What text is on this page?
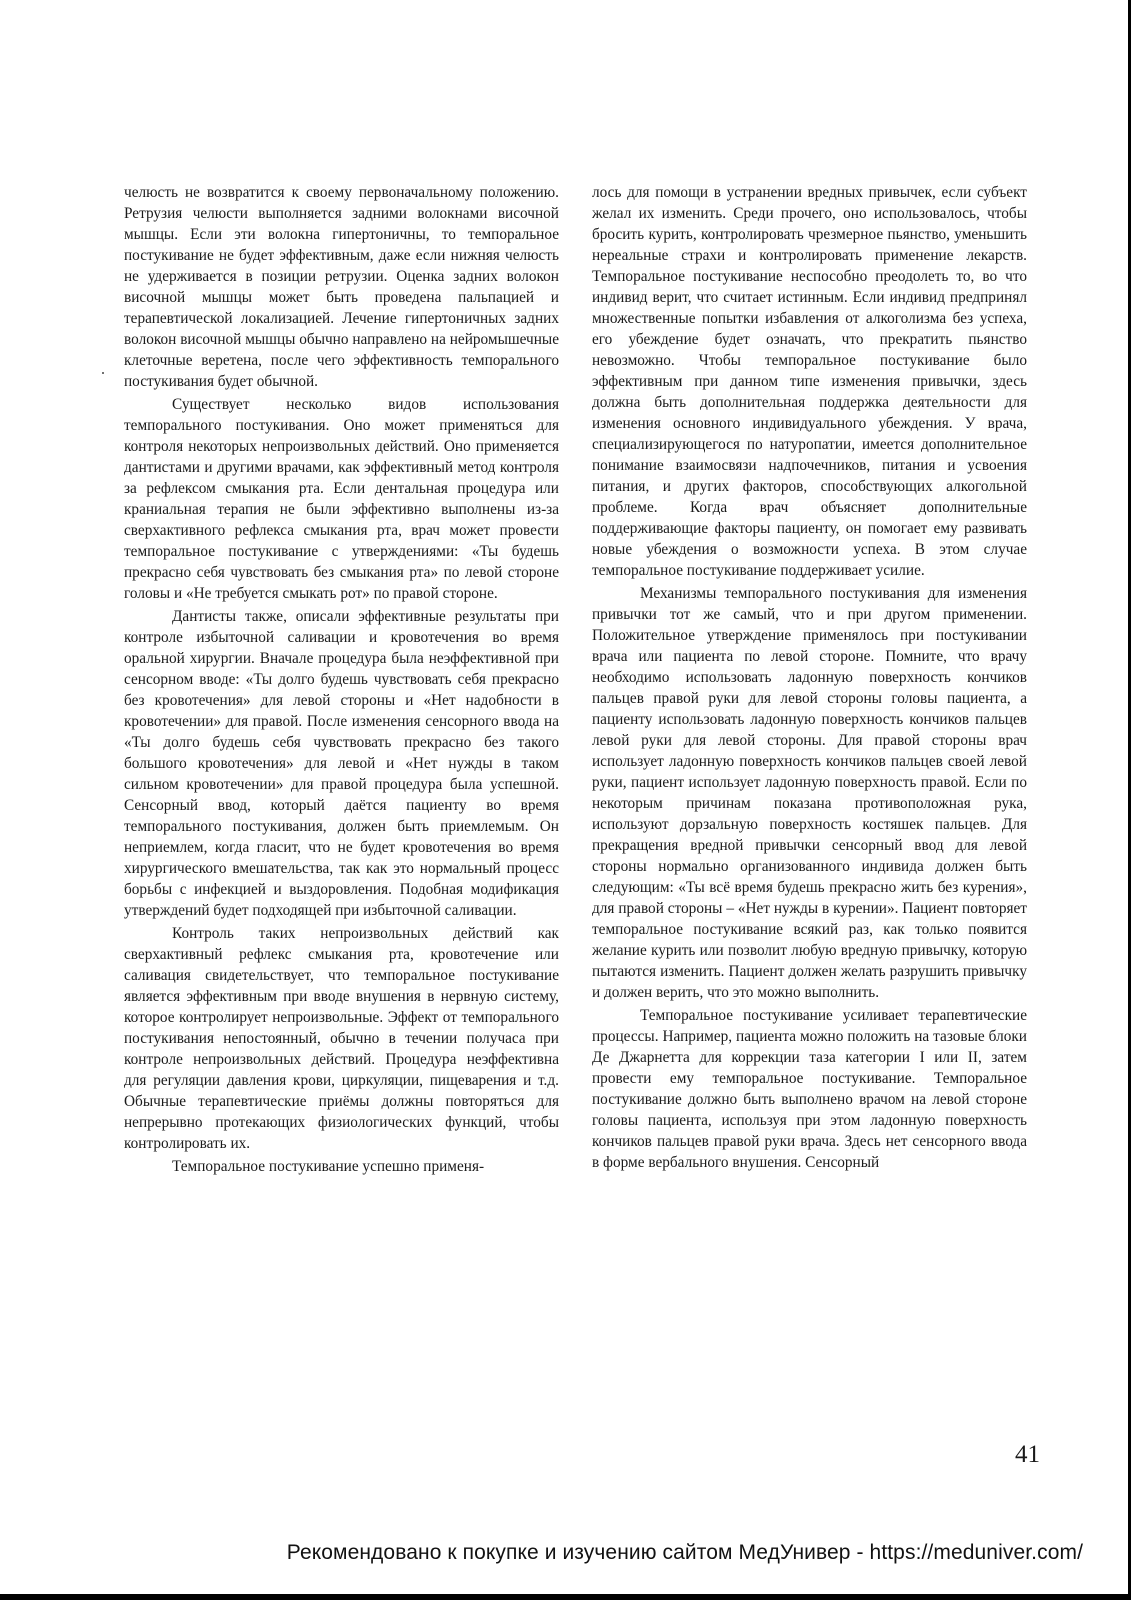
челюсть не возвратится к своему первоначальному положению. Ретрузия челюсти выполняется задними волокнами височной мышцы. Если эти волокна гипертоничны, то темпоральное постукивание не будет эффективным, даже если нижняя челюсть не удерживается в позиции ретрузии. Оценка задних волокон височной мышцы может быть проведена пальпацией и терапевтической локализацией. Лечение гипертоничных задних волокон височной мышцы обычно направлено на нейромышечные клеточные веретена, после чего эффективность темпорального постукивания будет обычной.

Существует несколько видов использования темпорального постукивания. Оно может применяться для контроля некоторых непроизвольных действий. Оно применяется дантистами и другими врачами, как эффективный метод контроля за рефлексом смыкания рта. Если дентальная процедура или краниальная терапия не были эффективно выполнены из-за сверхактивного рефлекса смыкания рта, врач может провести темпоральное постукивание с утверждениями: «Ты будешь прекрасно себя чувствовать без смыкания рта» по левой стороне головы и «Не требуется смыкать рот» по правой стороне.

Дантисты также, описали эффективные результаты при контроле избыточной саливации и кровотечения во время оральной хирургии. Вначале процедура была неэффективной при сенсорном вводе: «Ты долго будешь чувствовать себя прекрасно без кровотечения» для левой стороны и «Нет надобности в кровотечении» для правой. После изменения сенсорного ввода на «Ты долго будешь себя чувствовать прекрасно без такого большого кровотечения» для левой и «Нет нужды в таком сильном кровотечении» для правой процедура была успешной. Сенсорный ввод, который даётся пациенту во время темпорального постукивания, должен быть приемлемым. Он неприемлем, когда гласит, что не будет кровотечения во время хирургического вмешательства, так как это нормальный процесс борьбы с инфекцией и выздоровления. Подобная модификация утверждений будет подходящей при избыточной саливации.

Контроль таких непроизвольных действий как сверхактивный рефлекс смыкания рта, кровотечение или саливация свидетельствует, что темпоральное постукивание является эффективным при вводе внушения в нервную систему, которое контролирует непроизвольные. Эффект от темпорального постукивания непостоянный, обычно в течении получаса при контроле непроизвольных действий. Процедура неэффективна для регуляции давления крови, циркуляции, пищеварения и т.д. Обычные терапевтические приёмы должны повторяться для непрерывно протекающих физиологических функций, чтобы контролировать их.

Темпоральное постукивание успешно применя-

лось для помощи в устранении вредных привычек, если субъект желал их изменить. Среди прочего, оно использовалось, чтобы бросить курить, контролировать чрезмерное пьянство, уменьшить нереальные страхи и контролировать применение лекарств. Темпоральное постукивание неспособно преодолеть то, во что индивид верит, что считает истинным. Если индивид предпринял множественные попытки избавления от алкоголизма без успеха, его убеждение будет означать, что прекратить пьянство невозможно. Чтобы темпоральное постукивание было эффективным при данном типе изменения привычки, здесь должна быть дополнительная поддержка деятельности для изменения основного индивидуального убеждения. У врача, специализирующегося по натуропатии, имеется дополнительное понимание взаимосвязи надпочечников, питания и усвоения питания, и других факторов, способствующих алкогольной проблеме. Когда врач объясняет дополнительные поддерживающие факторы пациенту, он помогает ему развивать новые убеждения о возможности успеха. В этом случае темпоральное постукивание поддерживает усилие.

Механизмы темпорального постукивания для изменения привычки тот же самый, что и при другом применении. Положительное утверждение применялось при постукивании врача или пациента по левой стороне. Помните, что врачу необходимо использовать ладонную поверхность кончиков пальцев правой руки для левой стороны головы пациента, а пациенту использовать ладонную поверхность кончиков пальцев левой руки для левой стороны. Для правой стороны врач использует ладонную поверхность кончиков пальцев своей левой руки, пациент использует ладонную поверхность правой. Если по некоторым причинам показана противоположная рука, используют дорзальную поверхность костяшек пальцев. Для прекращения вредной привычки сенсорный ввод для левой стороны нормально организованного индивида должен быть следующим: «Ты всё время будешь прекрасно жить без курения», для правой стороны – «Нет нужды в курении». Пациент повторяет темпоральное постукивание всякий раз, как только появится желание курить или позволит любую вредную привычку, которую пытаются изменить. Пациент должен желать разрушить привычку и должен верить, что это можно выполнить.

Темпоральное постукивание усиливает терапевтические процессы. Например, пациента можно положить на тазовые блоки Де Джарнетта для коррекции таза категории I или II, затем провести ему темпоральное постукивание. Темпоральное постукивание должно быть выполнено врачом на левой стороне головы пациента, используя при этом ладонную поверхность кончиков пальцев правой руки врача. Здесь нет сенсорного ввода в форме вербального внушения. Сенсорный

41
Рекомендовано к покупке и изучению сайтом МедУнивер - https://meduniver.com/
